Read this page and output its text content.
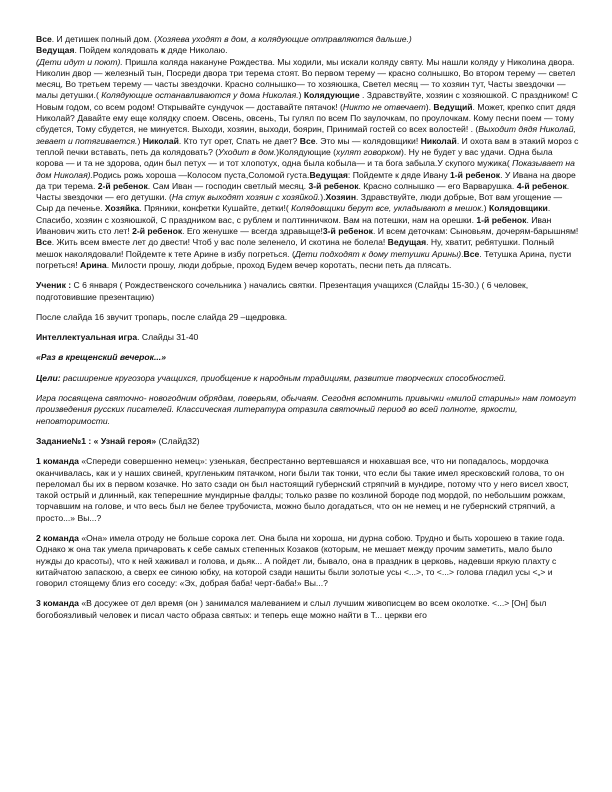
Все. И детишек полный дом. (Хозяева уходят в дом, а колядующие отправляются дальше.)

Ведущая. Пойдем колядовать к дяде Николаю.

(Дети идут и поют). Пришла коляда накануне Рождества. Мы ходили, мы искали коляду святу. Мы нашли коляду у Николина двора. Николин двор — железный тын, Посреди двора три терема стоят. Во первом терему — красно солнышко, Во втором терему — светел месяц, Во третьем терему — часты звездочки. Красно солнышко— то хозяюшка, Светел месяц — то хозяин тут, Часты звездочки — малы детушки.( Колядующие останавливаются у дома Николая.) Колядующие . Здравствуйте, хозяин с хозяюшкой. С праздником! С Новым годом, со всем родом! Открывайте сундучок — доставайте пятачок! (Никто не отвечает). Ведущий. Может, крепко спит дядя Николай? Давайте ему еще колядку споем. Овсень, овсень, Ты гулял по всем По заулочкам, по проулочкам. Кому песни поем — тому сбудется, Тому сбудется, не минуется. Выходи, хозяин, выходи, боярин, Принимай гостей со всех волостей! . (Выходит дядя Николай, зевает и потягивается.) Николай. Кто тут орет, Спать не дает? Все. Это мы — колядовщики! Николай. И охота вам в этакий мороз с теплой печки вставать, петь да колядовать? (Уходит в дом.)Колядующие (хулят говорком). Ну не будет у вас удачи. Одна была корова — и та не здорова, один был петух — и тот хлопотух, одна была кобыла— и та бога забыла.У скупого мужика( Показывает на дом Николая).Родись рожь хороша —Колосом пуста,Соломой густа.Ведущая: Пойдемте к дяде Ивану 1-й ребенок. У Ивана на дворе да три терема. 2-й ребенок. Сам Иван — господин светлый месяц. 3-й ребенок. Красно солнышко — его Варварушка. 4-й ребенок. Часты звездочки — его детушки. (На стук выходят хозяин с хозяйкой.).Хозяин. Здравствуйте, люди добрые, Вот вам угощение — Сыр да печенье. Хозяйка. Пряники, конфетки Кушайте, детки!( Колядовщики берут все, укладывают в мешок.) Колядовщики. Спасибо, хозяин с хозяюшкой, С праздником вас, с рублем и полтинничком. Вам на потешки, нам на орешки. 1-й ребенок. Иван Иванович жить сто лет! 2-й ребенок. Его женушке — всегда здравыще!3-й ребенок. И всем деточкам: Сыновьям, дочерям-барышням! Все. Жить всем вместе лет до двести! Чтоб у вас поле зеленело, И скотина не болела! Ведущая. Ну, хватит, ребятушки. Полный мешок наколядовали! Пойдемте к тете Арине в избу погреться. (Дети подходят к дому тетушки Арины).Все. Тетушка Арина, пусти погреться! Арина. Милости прошу, люди добрые, проход Будем вечер коротать, песни петь да плясать.

Ученик : С 6 января ( Рождественского сочельника ) начались святки. Презентация учащихся (Слайды 15-30.) ( 6 человек, подготовившие презентацию)

После слайда 16 звучит тропарь, после слайда 29 –щедровка.

Интеллектуальная игра. Слайды 31-40

«Раз в крещенский вечерок...»

Цели: расширение кругозора учащихся, приобщение к народным традициям, развитие творческих способностей.

Игра посвящена святочно- новогодним обрядам, поверьям, обычаям. Сегодня вспомнить привычки «милой старины» нам помогут произведения русских писателей. Классическая литература отразила святочный период во всей полноте, яркости, неповторимости.

Задание№1 : « Узнай героя» (Слайд32)

1 команда «Спереди совершенно немец»: узенькая, беспрестанно вертевшаяся и нюхавшая все, что ни попадалось, мордочка оканчивалась, как и у наших свиней, кругленьким пятачком, ноги были так тонки, что если бы такие имел яресковский голова, то он переломал бы их в первом козачке. Но зато сзади он был настоящий губернский стряпчий в мундире, потому что у него висел хвост, такой острый и длинный, как теперешние мундирные фалды; только разве по козлиной бороде под мордой, по небольшим рожкам, торчавшим на голове, и что весь был не белее трубочиста, можно было догадаться, что он не немец и не губернский стряпчий, а просто...» Вы...?

2 команда «Она» имела отроду не больше сорока лет. Она была ни хороша, ни дурна собою. Трудно и быть хорошею в такие года. Однако ж она так умела причаровать к себе самых степенных Козаков (которым, не мешает между прочим заметить, мало было нужды до красоты), что к ней хаживал и голова, и дьяк... А пойдет ли, бывало, она в праздник в церковь, надевши яркую плахту с китайчатою запаскою, а сверх ее синюю юбку, на которой сзади нашиты были золотые усы <...>, то <...> голова гладил усы <„> и говорил стоящему близ его соседу: «Эх, добрая баба! черт-баба!» Вы...?

3 команда «В досужее от дел время (он ) занимался малеванием и слыл лучшим живописцем во всем околотке. <...> [Он] был богобоязливый человек и писал часто образа святых: и теперь еще можно найти в Т... церкви его
